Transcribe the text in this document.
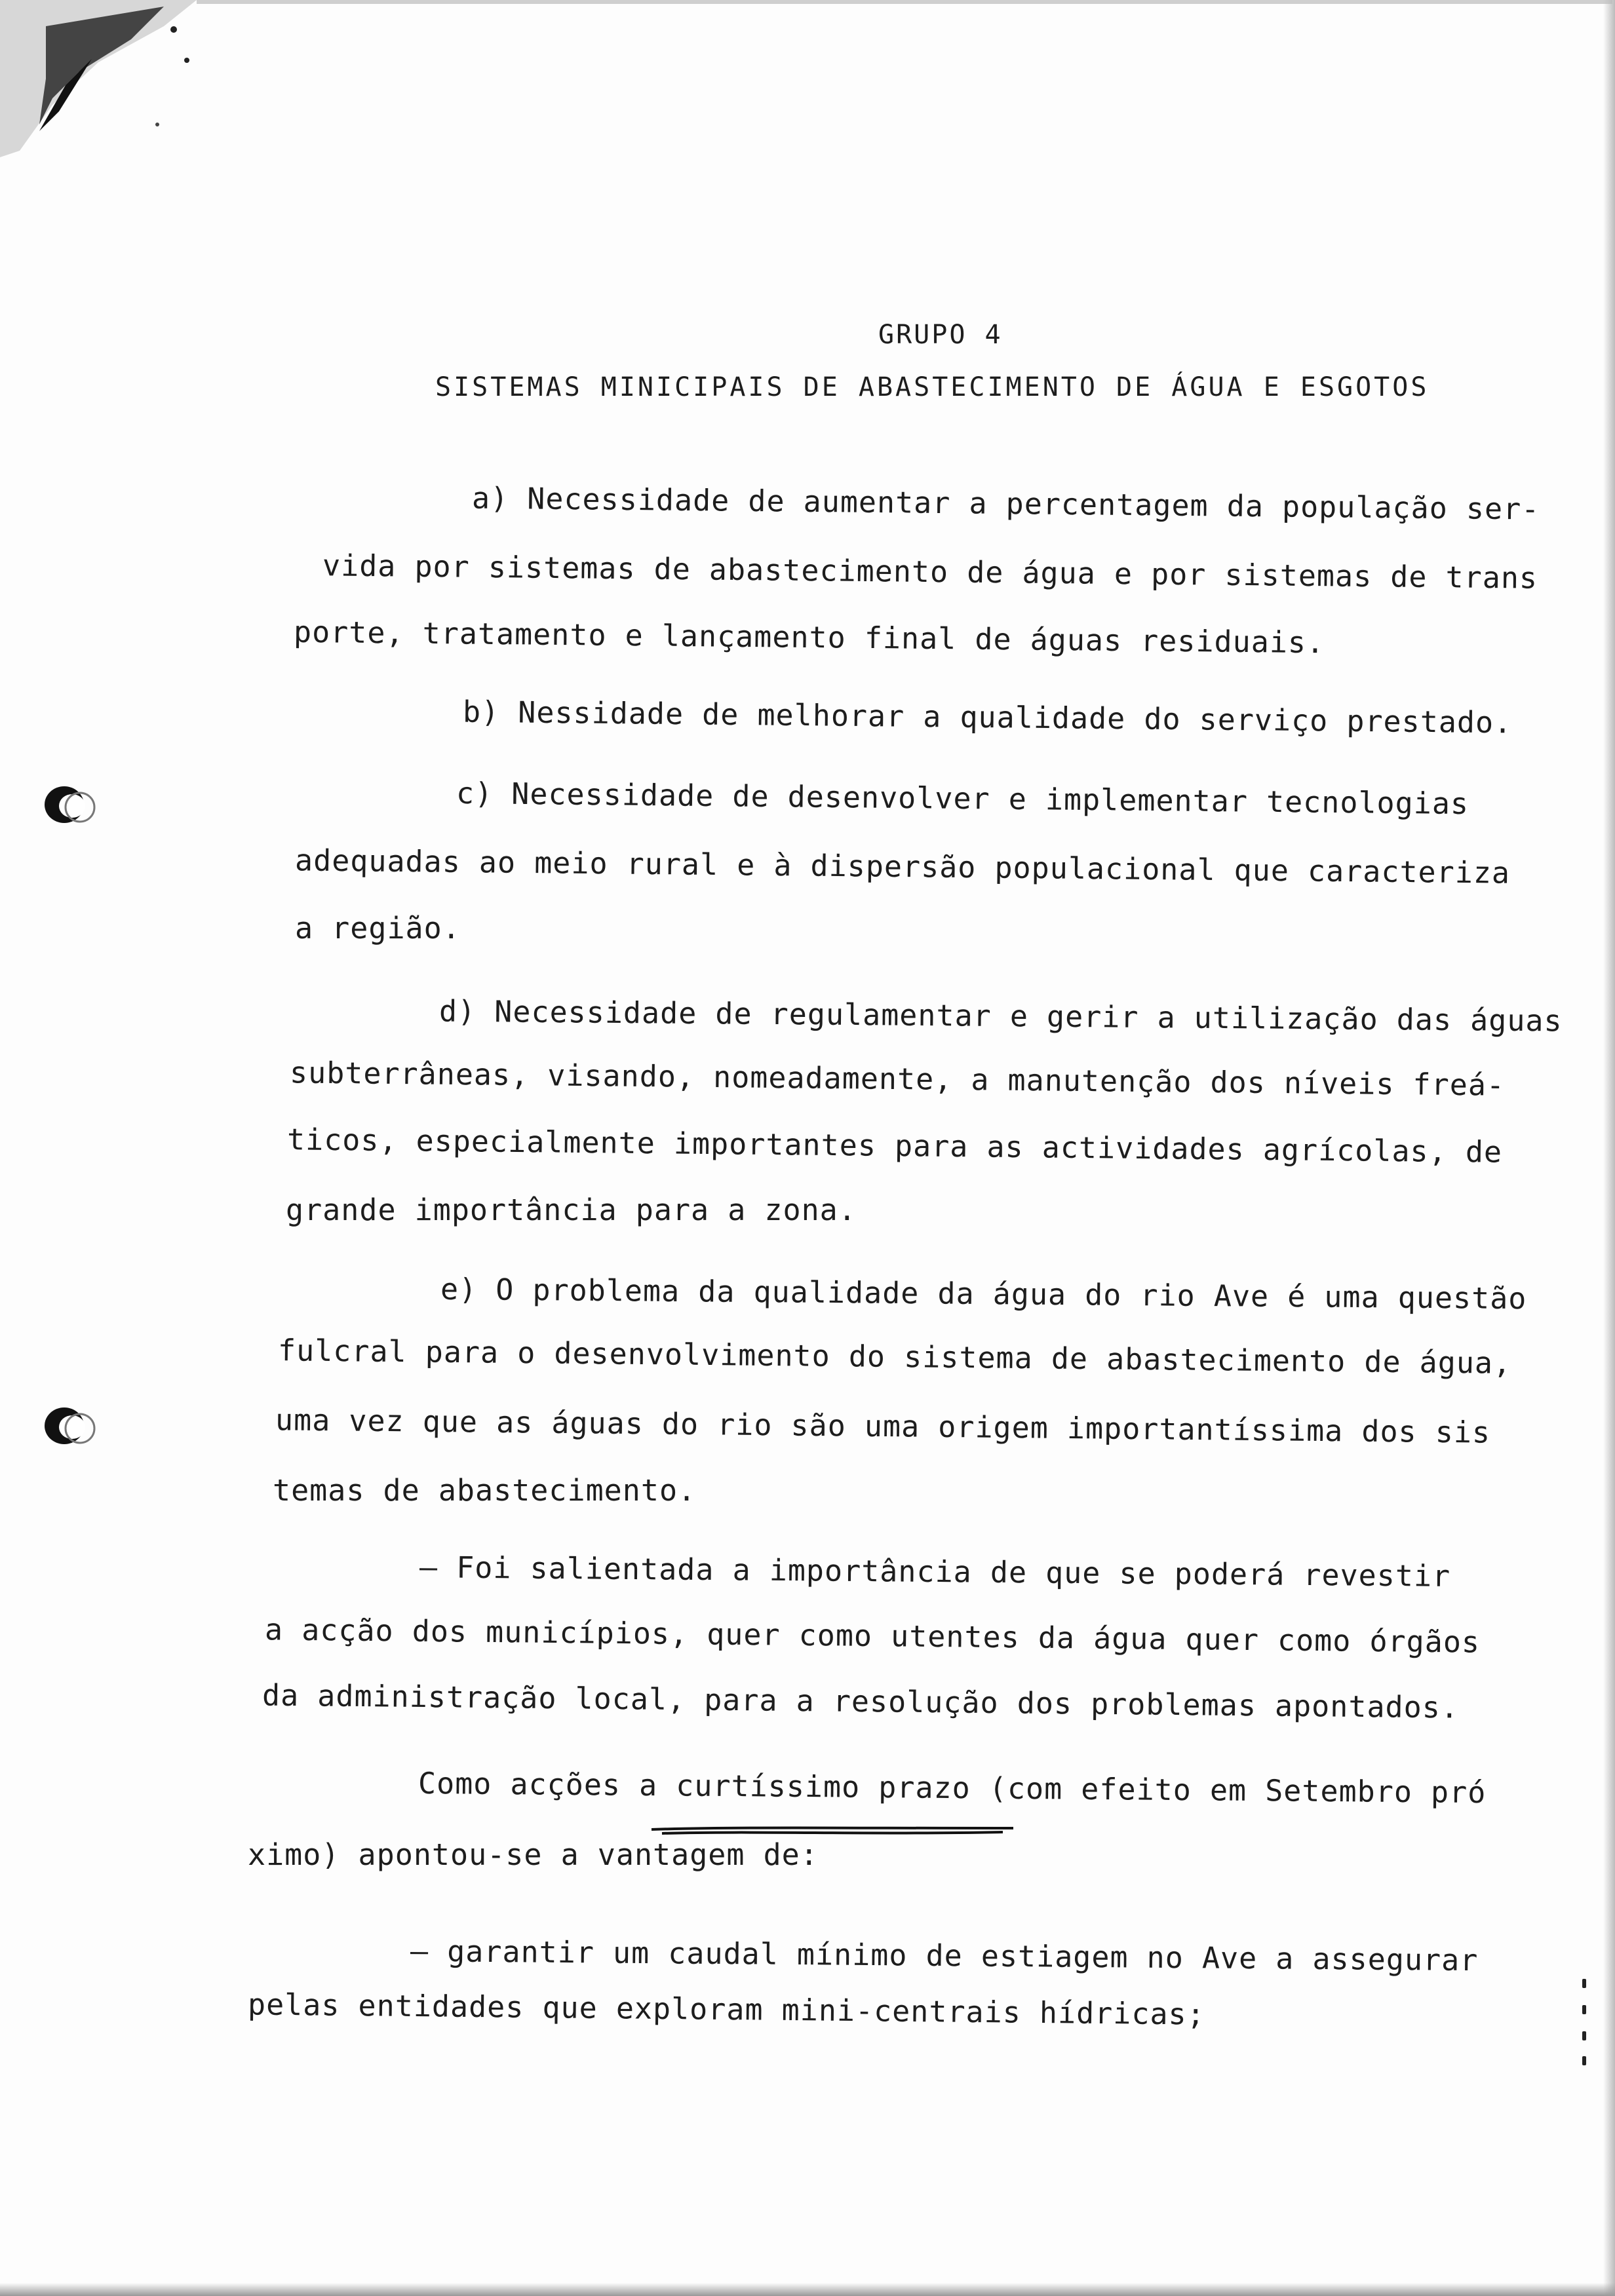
GRUPO 4
SISTEMAS MINICIPAIS DE ABASTECIMENTO DE ÁGUA E ESGOTOS

a) Necessidade de aumentar a percentagem da população ser-

vida por sistemas de abastecimento de água e por sistemas de trans

porte, tratamento e lançamento final de águas residuais.

b) Nessidade de melhorar a qualidade do serviço prestado.

c) Necessidade de desenvolver e implementar tecnologias

adequadas ao meio rural e à dispersão populacional que caracteriza

a região.

d) Necessidade de regulamentar e gerir a utilização das águas

subterrâneas, visando, nomeadamente, a manutenção dos níveis freá-

ticos, especialmente importantes para as actividades agrícolas, de

grande importância para a zona.

e) O problema da qualidade da água do rio Ave é uma questão

fulcral para o desenvolvimento do sistema de abastecimento de água,

uma vez que as águas do rio são uma origem importantíssima dos sis

temas de abastecimento.

— Foi salientada a importância de que se poderá revestir

a acção dos municípios, quer como utentes da água quer como órgãos

da administração local, para a resolução dos problemas apontados.

Como acções a curtíssimo prazo (com efeito em Setembro pró

ximo) apontou-se a vantagem de:

— garantir um caudal mínimo de estiagem no Ave a assegurar

pelas entidades que exploram mini-centrais hídricas;
